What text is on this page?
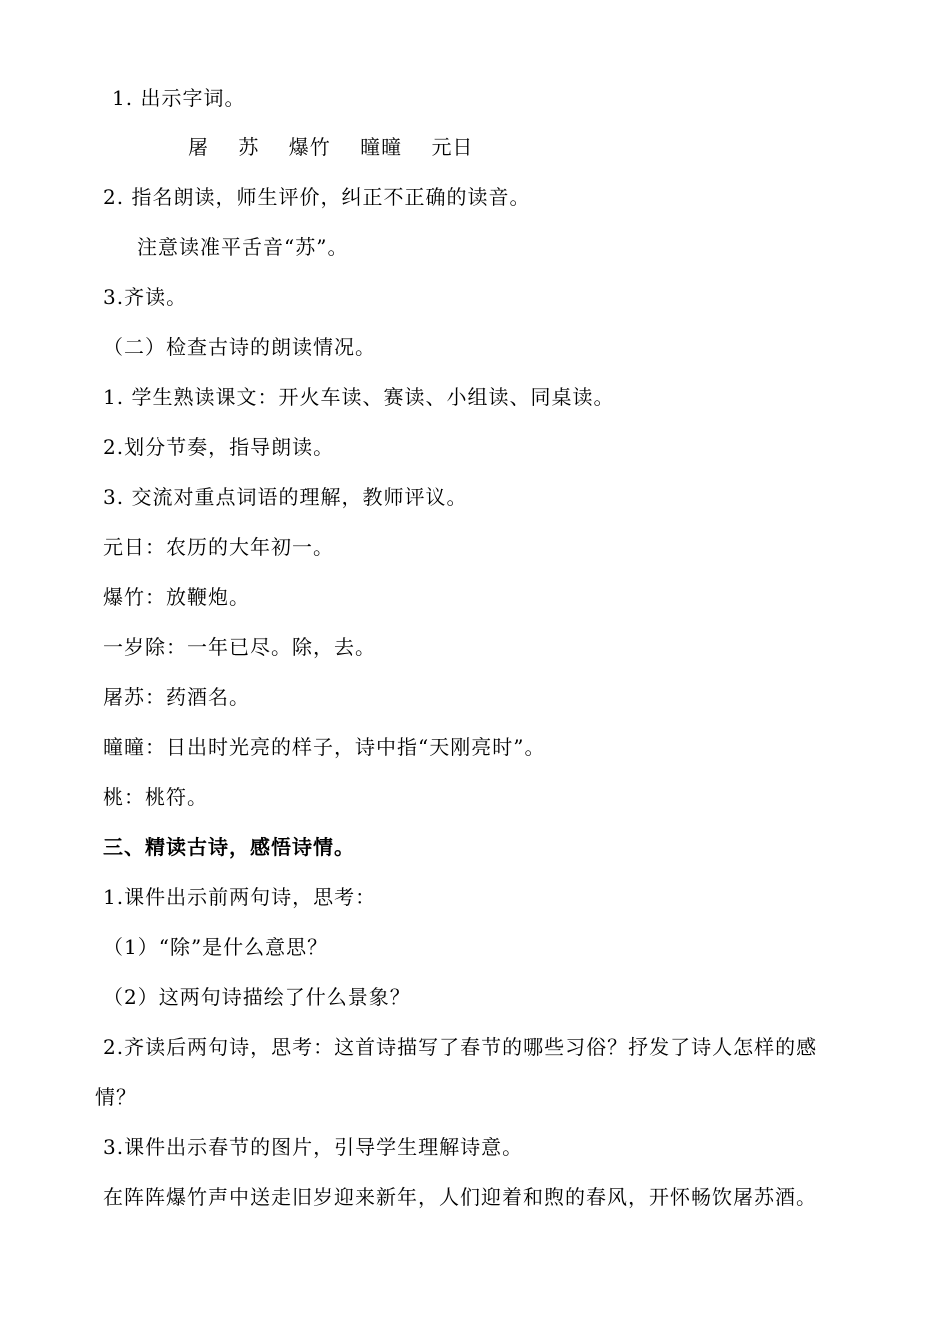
1. 出示字词。
屠 苏 爆竹 曈曈 元日
2. 指名朗读，师生评价，纠正不正确的读音。
注意读准平舌音“苏”。
3.齐读。
（二）检查古诗的朗读情况。
1. 学生熟读课文：开火车读、赛读、小组读、同桌读。
2.划分节奏，指导朗读。
3. 交流对重点词语的理解，教师评议。
元日：农历的大年初一。
爆竹：放鞭炮。
一岁除：一年已尽。除，去。
屠苏：药酒名。
曈曈：日出时光亮的样子，诗中指“天刚亮时”。
桃：桃符。
三、精读古诗，感悟诗情。
1.课件出示前两句诗，思考：
（1）“除”是什么意思？
（2）这两句诗描绘了什么景象？
2.齐读后两句诗，思考：这首诗描写了春节的哪些习俗？抒发了诗人怎样的感
情？
3.课件出示春节的图片，引导学生理解诗意。
在阵阵爆竹声中送走旧岁迎来新年，人们迎着和煦的春风，开怀畅饮屠苏酒。
